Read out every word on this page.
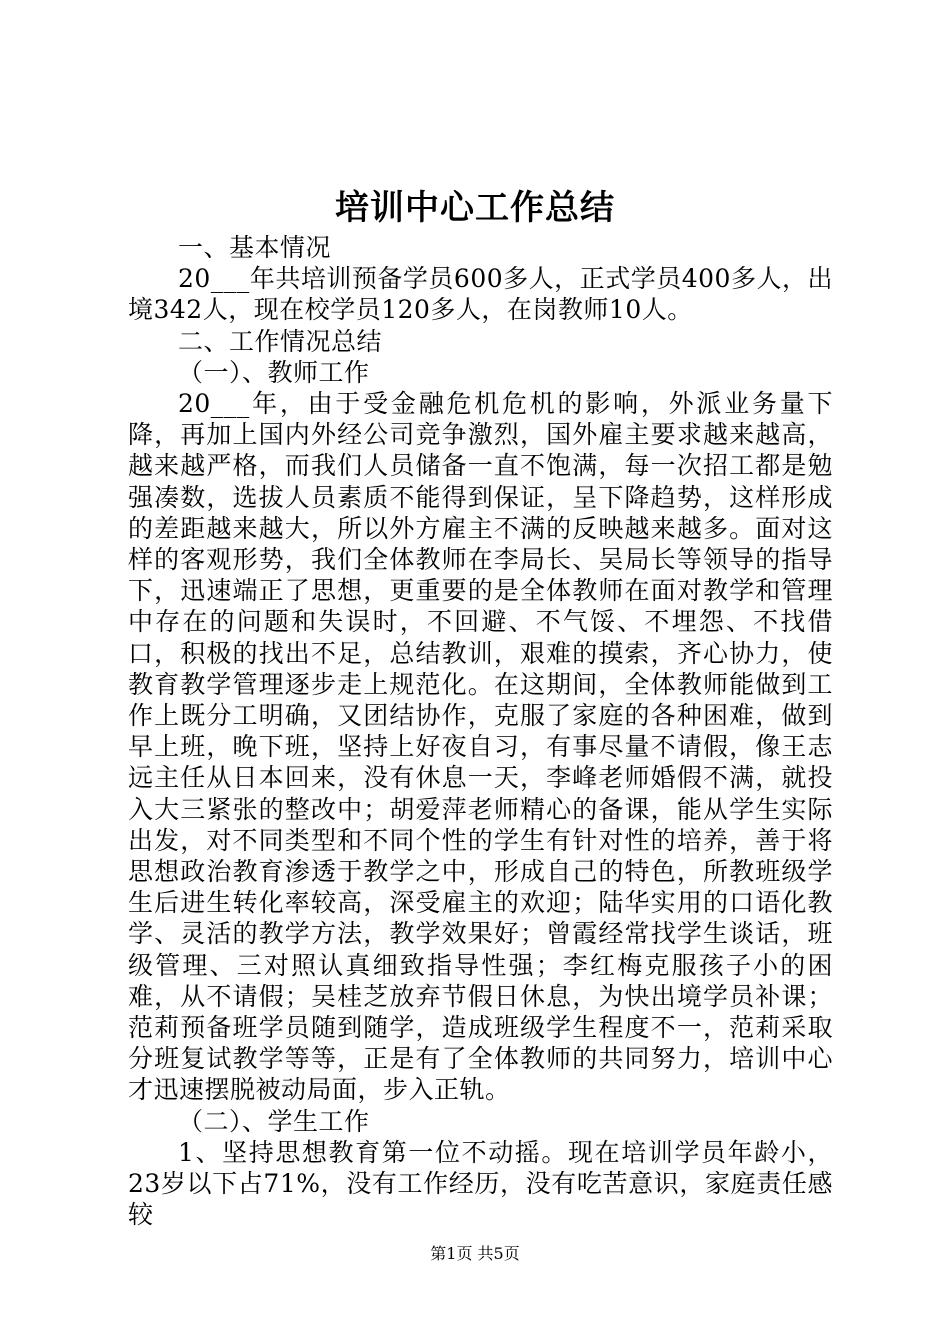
培训中心工作总结

一、基本情况

20___年共培训预备学员600多人，正式学员400多人，出境342人，现在校学员120多人，在岗教师10人。

二、工作情况总结

（一）、教师工作

20___年，由于受金融危机危机的影响，外派业务量下降，再加上国内外经公司竞争激烈，国外雇主要求越来越高，越来越严格，而我们人员储备一直不饱满，每一次招工都是勉强凑数，选拔人员素质不能得到保证，呈下降趋势，这样形成的差距越来越大，所以外方雇主不满的反映越来越多。面对这样的客观形势，我们全体教师在李局长、吴局长等领导的指导下，迅速端正了思想，更重要的是全体教师在面对教学和管理中存在的问题和失误时，不回避、不气馁、不埋怨、不找借口，积极的找出不足，总结教训，艰难的摸索，齐心协力，使教育教学管理逐步走上规范化。在这期间，全体教师能做到工作上既分工明确，又团结协作，克服了家庭的各种困难，做到早上班，晚下班，坚持上好夜自习，有事尽量不请假，像王志远主任从日本回来，没有休息一天，李峰老师婚假不满，就投入大三紧张的整改中；胡爱萍老师精心的备课，能从学生实际出发，对不同类型和不同个性的学生有针对性的培养，善于将思想政治教育渗透于教学之中，形成自己的特色，所教班级学生后进生转化率较高，深受雇主的欢迎；陆华实用的口语化教学、灵活的教学方法，教学效果好；曾霞经常找学生谈话，班级管理、三对照认真细致指导性强；李红梅克服孩子小的困难，从不请假；吴桂芝放弃节假日休息，为快出境学员补课；范莉预备班学员随到随学，造成班级学生程度不一，范莉采取分班复试教学等等，正是有了全体教师的共同努力，培训中心才迅速摆脱被动局面，步入正轨。

（二）、学生工作

1、坚持思想教育第一位不动摇。现在培训学员年龄小，23岁以下占71%，没有工作经历，没有吃苦意识，家庭责任感较

第1页 共5页
